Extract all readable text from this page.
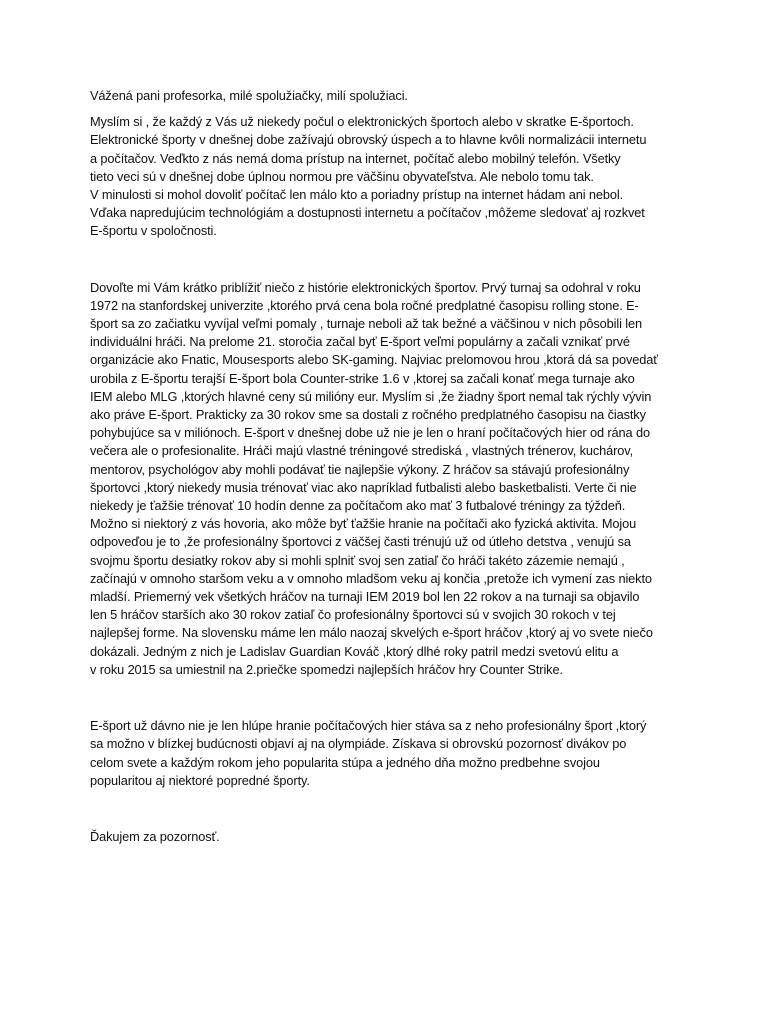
Vážená pani profesorka, milé spolužiačky, milí spolužiaci.
Myslím si , že každý z Vás už niekedy počul o elektronických športoch alebo v skratke E-športoch.
Elektronické športy v dnešnej dobe zažívajú obrovský úspech a to hlavne kvôli normalizácii internetu
a počítačov. Veďkto z nás nemá doma prístup na internet, počítač alebo mobilný telefón. Všetky
tieto veci sú v dnešnej dobe úplnou normou pre väčšinu obyvateľstva. Ale nebolo tomu tak.
V minulosti si mohol dovoliť počítač len málo kto a poriadny prístup na internet hádam ani nebol.
Vďaka napredujúcim technológiám a dostupnosti internetu a počítačov ,môžeme sledovať aj rozkvet
E-športu v spoločnosti.
Dovoľte mi Vám krátko priblížiť niečo z histórie elektronických športov. Prvý turnaj sa odohral v roku
1972 na stanfordskej univerzite ,ktorého prvá cena bola ročné predplatné časopisu rolling stone. E-
šport sa zo začiatku vyvíjal veľmi pomaly , turnaje neboli až tak bežné a väčšinou v nich pôsobili len
individuálni hráči. Na prelome 21. storočia začal byť E-šport veľmi populárny a začali vznikať prvé
organizácie ako Fnatic, Mousesports alebo SK-gaming. Najviac prelomovou hrou ,ktorá dá sa povedať
urobila z E-športu terajší E-šport bola Counter-strike 1.6 v ,ktorej sa začali konať mega turnaje ako
IEM alebo MLG ,ktorých hlavné ceny sú milióny eur. Myslím si ,že žiadny šport nemal tak rýchly vývin
ako práve E-šport. Prakticky za 30 rokov sme sa dostali z ročného predplatného časopisu na čiastky
pohybujúce sa v miliónoch. E-šport v dnešnej dobe už nie je len o hraní počítačových hier od rána do
večera ale o profesionalite. Hráči majú vlastné tréningové strediská , vlastných trénerov, kuchárov,
mentorov, psychológov aby mohli podávať tie najlepšie výkony. Z hráčov sa stávajú profesionálny
športovci ,ktorý niekedy musia trénovať viac ako napríklad futbalisti alebo basketbalisti. Verte či nie
niekedy je ťažšie trénovať 10 hodín denne za počítačom ako mať 3 futbalové tréningy za týždeň.
Možno si niektorý z vás hovoria, ako môže byť ťažšie hranie na počítači ako fyzická aktivita. Mojou
odpoveďou je to ,že profesionálny športovci z väčšej časti trénujú už od útleho detstva , venujú sa
svojmu športu desiatky rokov aby si mohli splniť svoj sen zatiaľ čo hráči takéto zázemie nemajú ,
začínajú v omnoho staršom veku a v omnoho mladšom veku aj končia ,pretože ich vymení zas niekto
mladší. Priemerný vek všetkých hráčov na turnaji IEM 2019 bol len 22 rokov a na turnaji sa objavilo
len 5 hráčov starších ako 30 rokov zatiaľ čo profesionálny športovci sú v svojich 30 rokoch v tej
najlepšej forme. Na slovensku máme len málo naozaj skvelých e-šport hráčov ,ktorý aj vo svete niečo
dokázali. Jedným z nich je Ladislav Guardian Kováč ,ktorý dlhé roky patril medzi svetovú elitu a
v roku 2015 sa umiestnil na 2.priečke spomedzi najlepších hráčov hry Counter Strike.
E-šport už dávno nie je len hlúpe hranie počítačových hier stáva sa z neho profesionálny šport ,ktorý
sa možno v blízkej budúcnosti objaví aj na olympiáde. Získava si obrovskú pozornosť divákov po
celom svete a každým rokom jeho popularita stúpa a jedného dňa možno predbehne svojou
popularitou aj niektoré popredné športy.
Ďakujem za pozornosť.
